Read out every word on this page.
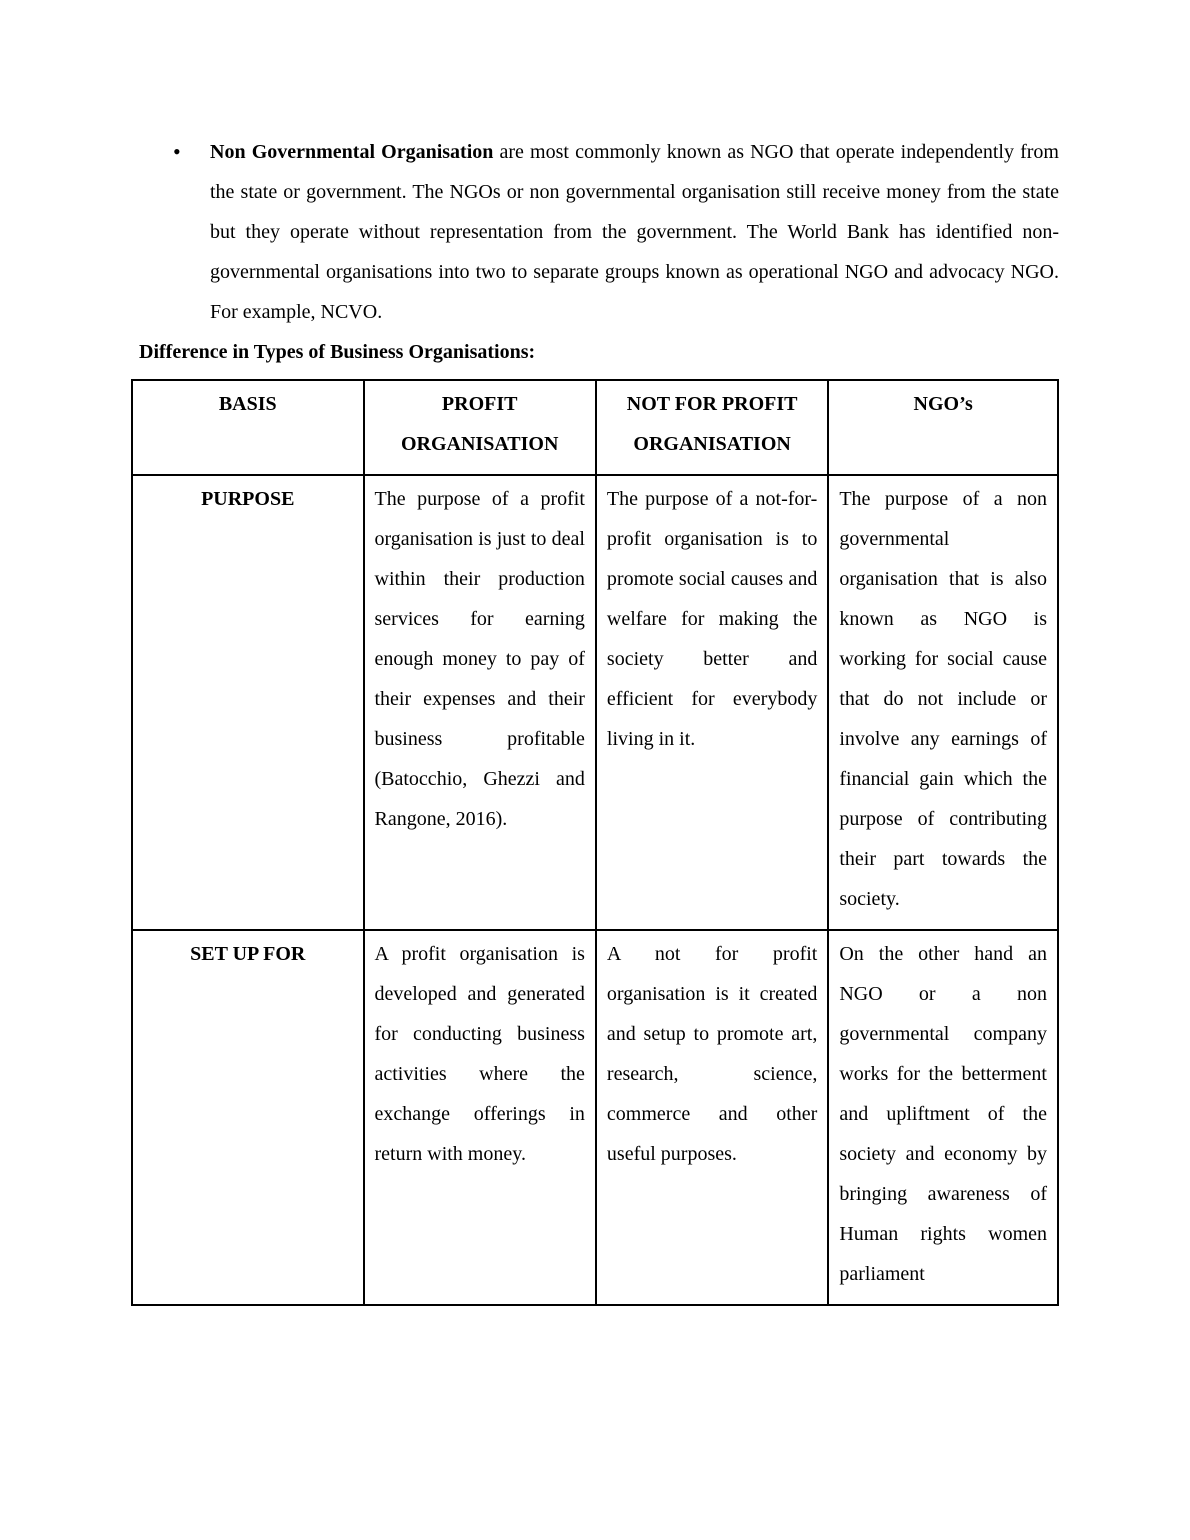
• Non Governmental Organisation are most commonly known as NGO that operate independently from the state or government. The NGOs or non governmental organisation still receive money from the state but they operate without representation from the government. The World Bank has identified non-governmental organisations into two to separate groups known as operational NGO and advocacy NGO. For example, NCVO.

Difference in Types of Business Organisations:
BASIS	PROFIT ORGANISATION	NOT FOR PROFIT ORGANISATION	NGO’s
PURPOSE	The purpose of a profit organisation is just to deal within their production services for earning enough money to pay of their expenses and their business profitable (Batocchio, Ghezzi and Rangone, 2016).	The purpose of a not-for-profit organisation is to promote social causes and welfare for making the society better and efficient for everybody living in it.	The purpose of a non governmental organisation that is also known as NGO is working for social cause that do not include or involve any earnings of financial gain which the purpose of contributing their part towards the society.
SET UP FOR	A profit organisation is developed and generated for conducting business activities where the exchange offerings in return with money.	A not for profit organisation is it created and setup to promote art, research, science, commerce and other useful purposes.	On the other hand an NGO or a non governmental company works for the betterment and upliftment of the society and economy by bringing awareness of Human rights women parliament
